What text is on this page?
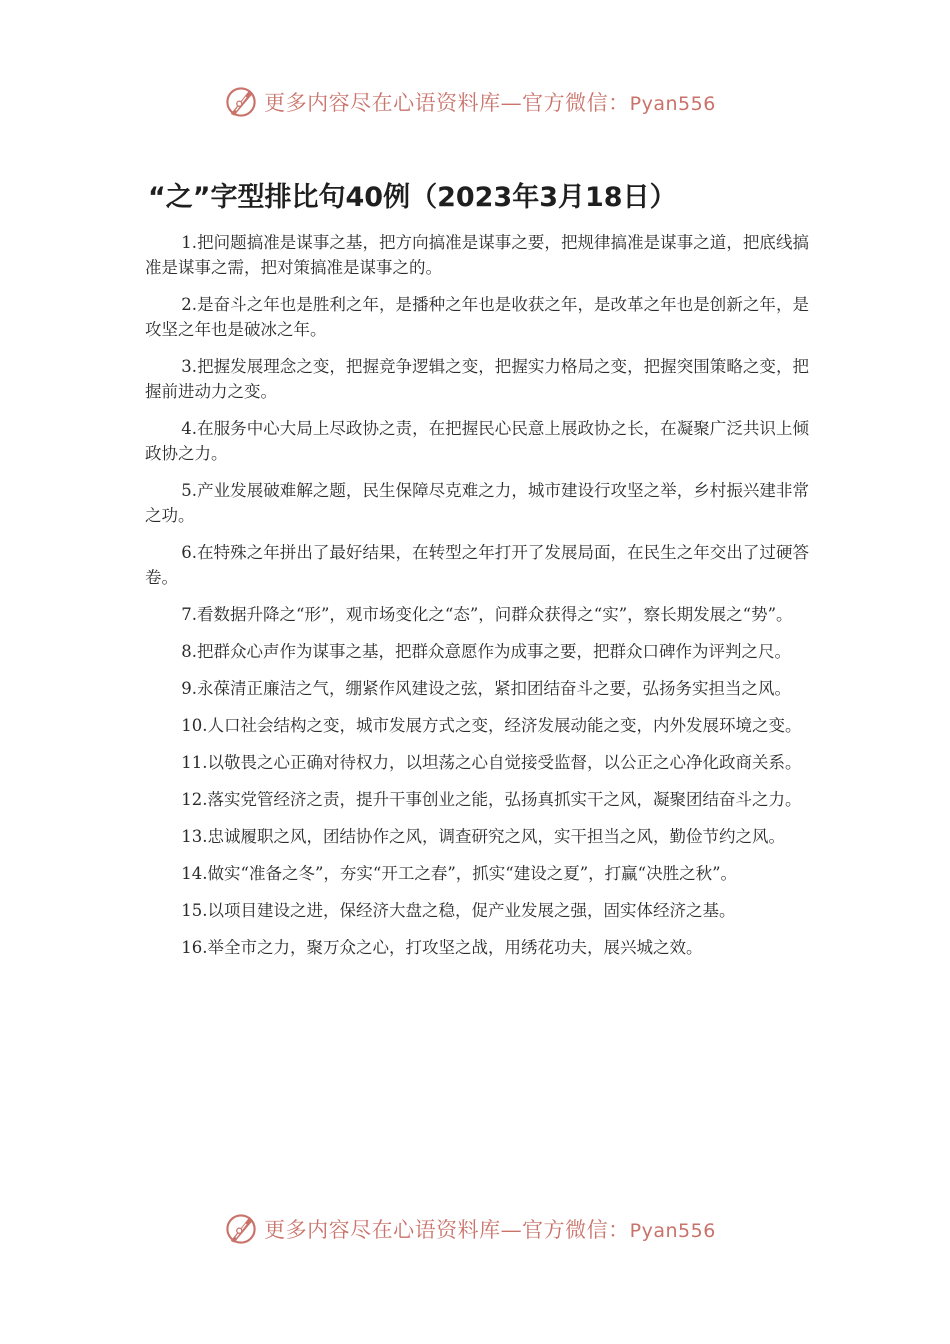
更多内容尽在心语资料库—官方微信：Pyan556
“之”字型排比句40例（2023年3月18日）

1.把问题搞准是谋事之基，把方向搞准是谋事之要，把规律搞准是谋事之道，把底线搞准是谋事之需，把对策搞准是谋事之的。

2.是奋斗之年也是胜利之年，是播种之年也是收获之年，是改革之年也是创新之年，是攻坚之年也是破冰之年。

3.把握发展理念之变，把握竞争逻辑之变，把握实力格局之变，把握突围策略之变，把握前进动力之变。

4.在服务中心大局上尽政协之责，在把握民心民意上展政协之长，在凝聚广泛共识上倾政协之力。

5.产业发展破难解之题，民生保障尽克难之力，城市建设行攻坚之举，乡村振兴建非常之功。

6.在特殊之年拼出了最好结果，在转型之年打开了发展局面，在民生之年交出了过硬答卷。

7.看数据升降之“形”，观市场变化之“态”，问群众获得之“实”，察长期发展之“势”。

8.把群众心声作为谋事之基，把群众意愿作为成事之要，把群众口碑作为评判之尺。

9.永葆清正廉洁之气，绷紧作风建设之弦，紧扣团结奋斗之要，弘扬务实担当之风。

10.人口社会结构之变，城市发展方式之变，经济发展动能之变，内外发展环境之变。

11.以敬畏之心正确对待权力，以坦荡之心自觉接受监督，以公正之心净化政商关系。

12.落实党管经济之责，提升干事创业之能，弘扬真抓实干之风，凝聚团结奋斗之力。

13.忠诚履职之风，团结协作之风，调查研究之风，实干担当之风，勤俭节约之风。

14.做实“准备之冬”，夯实“开工之春”，抓实“建设之夏”，打赢“决胜之秋”。

15.以项目建设之进，保经济大盘之稳，促产业发展之强，固实体经济之基。

16.举全市之力，聚万众之心，打攻坚之战，用绣花功夫，展兴城之效。

更多内容尽在心语资料库—官方微信：Pyan556
